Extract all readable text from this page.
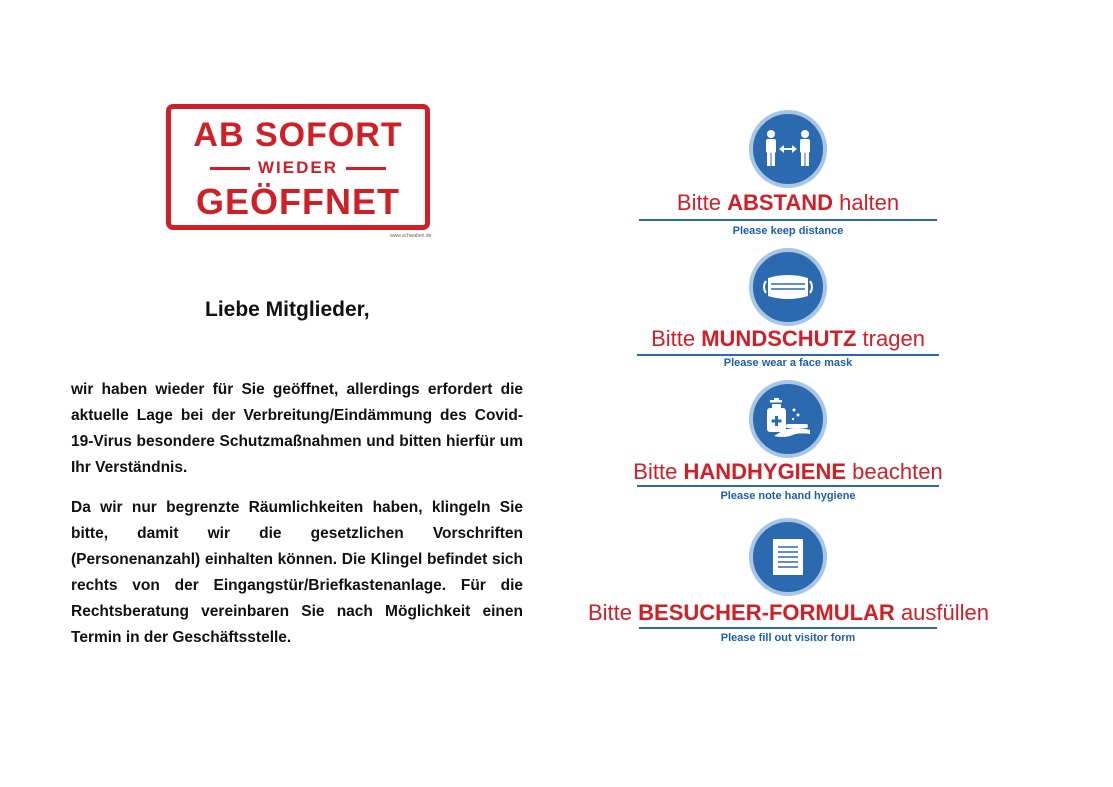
AB SOFORT
WIEDER
GEÖFFNET
www.schwaben.de
Liebe Mitglieder,

wir haben wieder für Sie geöffnet, allerdings erfordert die aktuelle Lage bei der Verbreitung/Eindämmung des Covid-19-Virus besondere Schutzmaßnahmen und bitten hierfür um Ihr Verständnis.

Da wir nur begrenzte Räumlichkeiten haben, klingeln Sie bitte, damit wir die gesetzlichen Vorschriften (Personenanzahl) einhalten können. Die Klingel befindet sich rechts von der Eingangstür/Briefkastenanlage. Für die Rechtsberatung vereinbaren Sie nach Möglichkeit einen Termin in der Geschäftsstelle.

Bitte ABSTAND halten
Please keep distance
Bitte MUNDSCHUTZ tragen
Please wear a face mask
Bitte HANDHYGIENE beachten
Please note hand hygiene
Bitte BESUCHER-FORMULAR ausfüllen
Please fill out visitor form
